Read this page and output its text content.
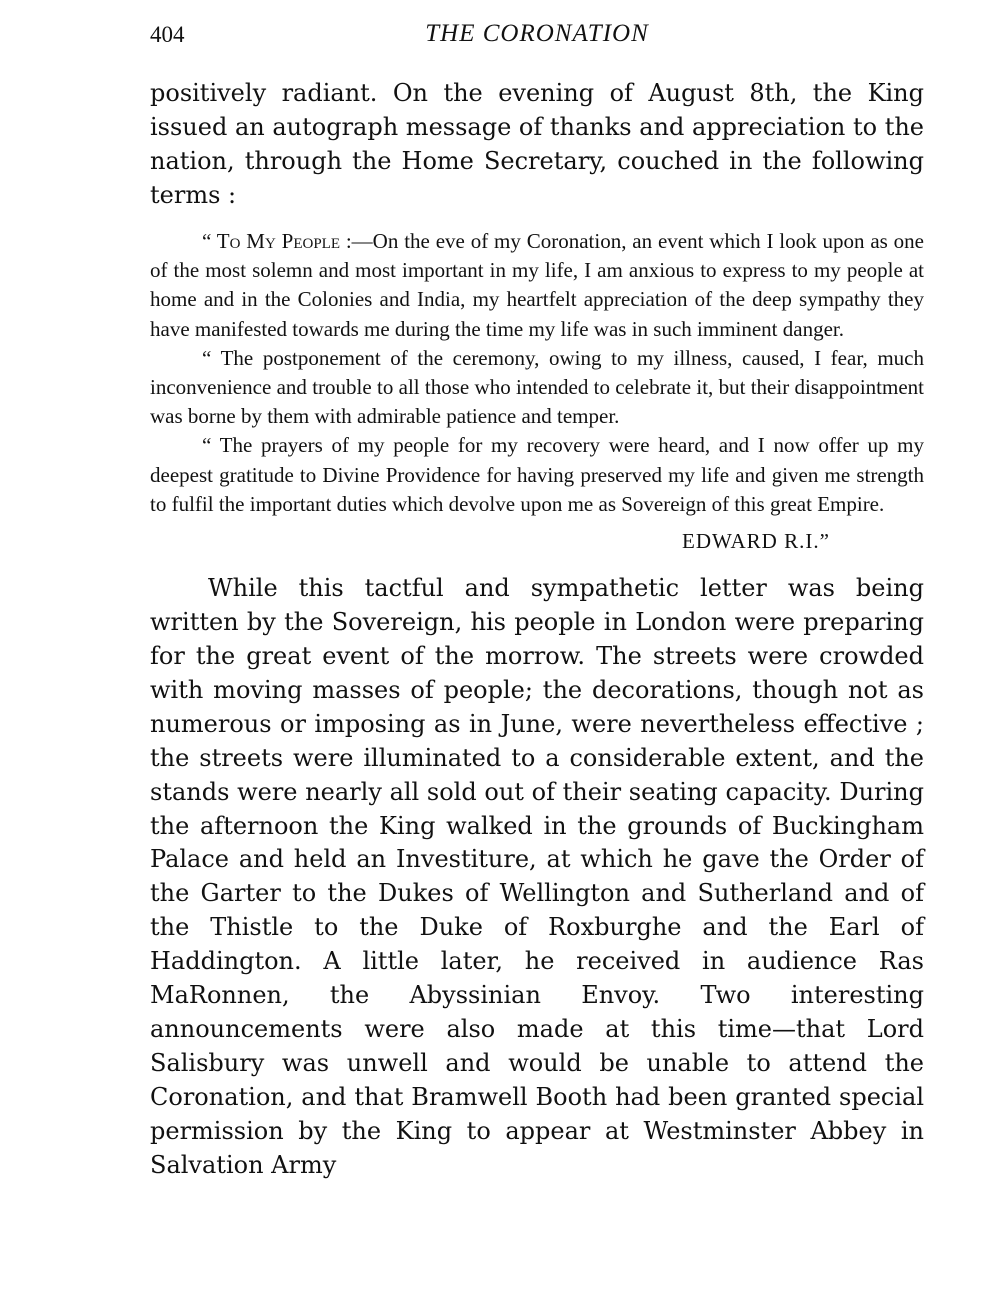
404	THE CORONATION

positively radiant. On the evening of August 8th, the King issued an autograph message of thanks and appreciation to the nation, through the Home Secretary, couched in the following terms :

“ To My People :—On the eve of my Coronation, an event which I look upon as one of the most solemn and most important in my life, I am anxious to express to my people at home and in the Colonies and India, my heartfelt appreciation of the deep sympathy they have manifested towards me during the time my life was in such imminent danger.

“ The postponement of the ceremony, owing to my illness, caused, I fear, much inconvenience and trouble to all those who intended to celebrate it, but their disappointment was borne by them with admirable patience and temper.

“ The prayers of my people for my recovery were heard, and I now offer up my deepest gratitude to Divine Providence for having preserved my life and given me strength to fulfil the important duties which devolve upon me as Sovereign of this great Empire.

EDWARD R.I.”

While this tactful and sympathetic letter was being written by the Sovereign, his people in London were preparing for the great event of the morrow. The streets were crowded with moving masses of people; the decorations, though not as numerous or imposing as in June, were nevertheless effective ; the streets were illuminated to a considerable extent, and the stands were nearly all sold out of their seating capacity. During the afternoon the King walked in the grounds of Buckingham Palace and held an Investiture, at which he gave the Order of the Garter to the Dukes of Wellington and Sutherland and of the Thistle to the Duke of Roxburghe and the Earl of Haddington. A little later, he received in audience Ras MaRonnen, the Abyssinian Envoy. Two interesting announcements were also made at this time—that Lord Salisbury was unwell and would be unable to attend the Coronation, and that Bramwell Booth had been granted special permission by the King to appear at Westminster Abbey in Salvation Army
